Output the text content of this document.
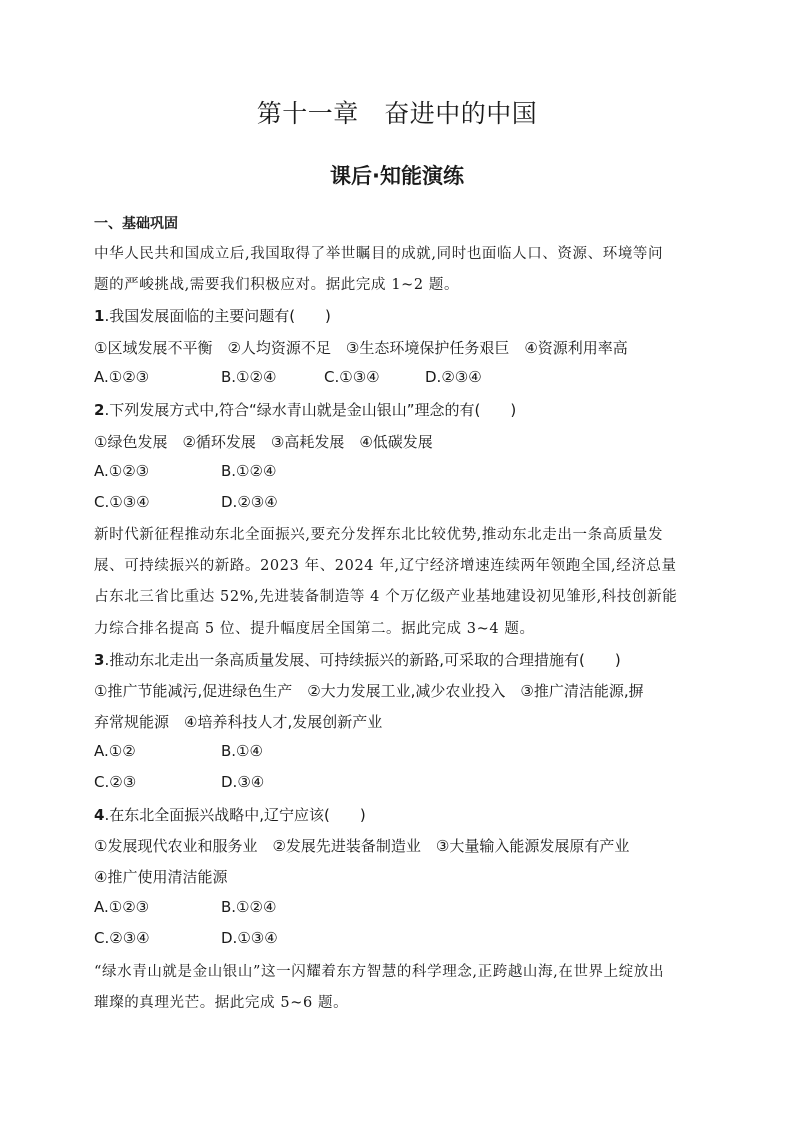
第十一章　奋进中的中国
课后·知能演练
一、基础巩固
中华人民共和国成立后,我国取得了举世瞩目的成就,同时也面临人口、资源、环境等问
题的严峻挑战,需要我们积极应对。据此完成 1~2 题。
1.我国发展面临的主要问题有(　　)
①区域发展不平衡　②人均资源不足　③生态环境保护任务艰巨　④资源利用率高
A.①②③	B.①②④	C.①③④	D.②③④
2.下列发展方式中,符合“绿水青山就是金山银山”理念的有(　　)
①绿色发展　②循环发展　③高耗发展　④低碳发展
A.①②③	B.①②④
C.①③④	D.②③④
新时代新征程推动东北全面振兴,要充分发挥东北比较优势,推动东北走出一条高质量发
展、可持续振兴的新路。2023 年、2024 年,辽宁经济增速连续两年领跑全国,经济总量
占东北三省比重达 52%,先进装备制造等 4 个万亿级产业基地建设初见雏形,科技创新能
力综合排名提高 5 位、提升幅度居全国第二。据此完成 3~4 题。
3.推动东北走出一条高质量发展、可持续振兴的新路,可采取的合理措施有(　　)
①推广节能减污,促进绿色生产　②大力发展工业,减少农业投入　③推广清洁能源,摒
弃常规能源　④培养科技人才,发展创新产业
A.①②	B.①④
C.②③	D.③④
4.在东北全面振兴战略中,辽宁应该(　　)
①发展现代农业和服务业　②发展先进装备制造业　③大量输入能源发展原有产业
④推广使用清洁能源
A.①②③	B.①②④
C.②③④	D.①③④
“绿水青山就是金山银山”这一闪耀着东方智慧的科学理念,正跨越山海,在世界上绽放出
璀璨的真理光芒。据此完成 5~6 题。
